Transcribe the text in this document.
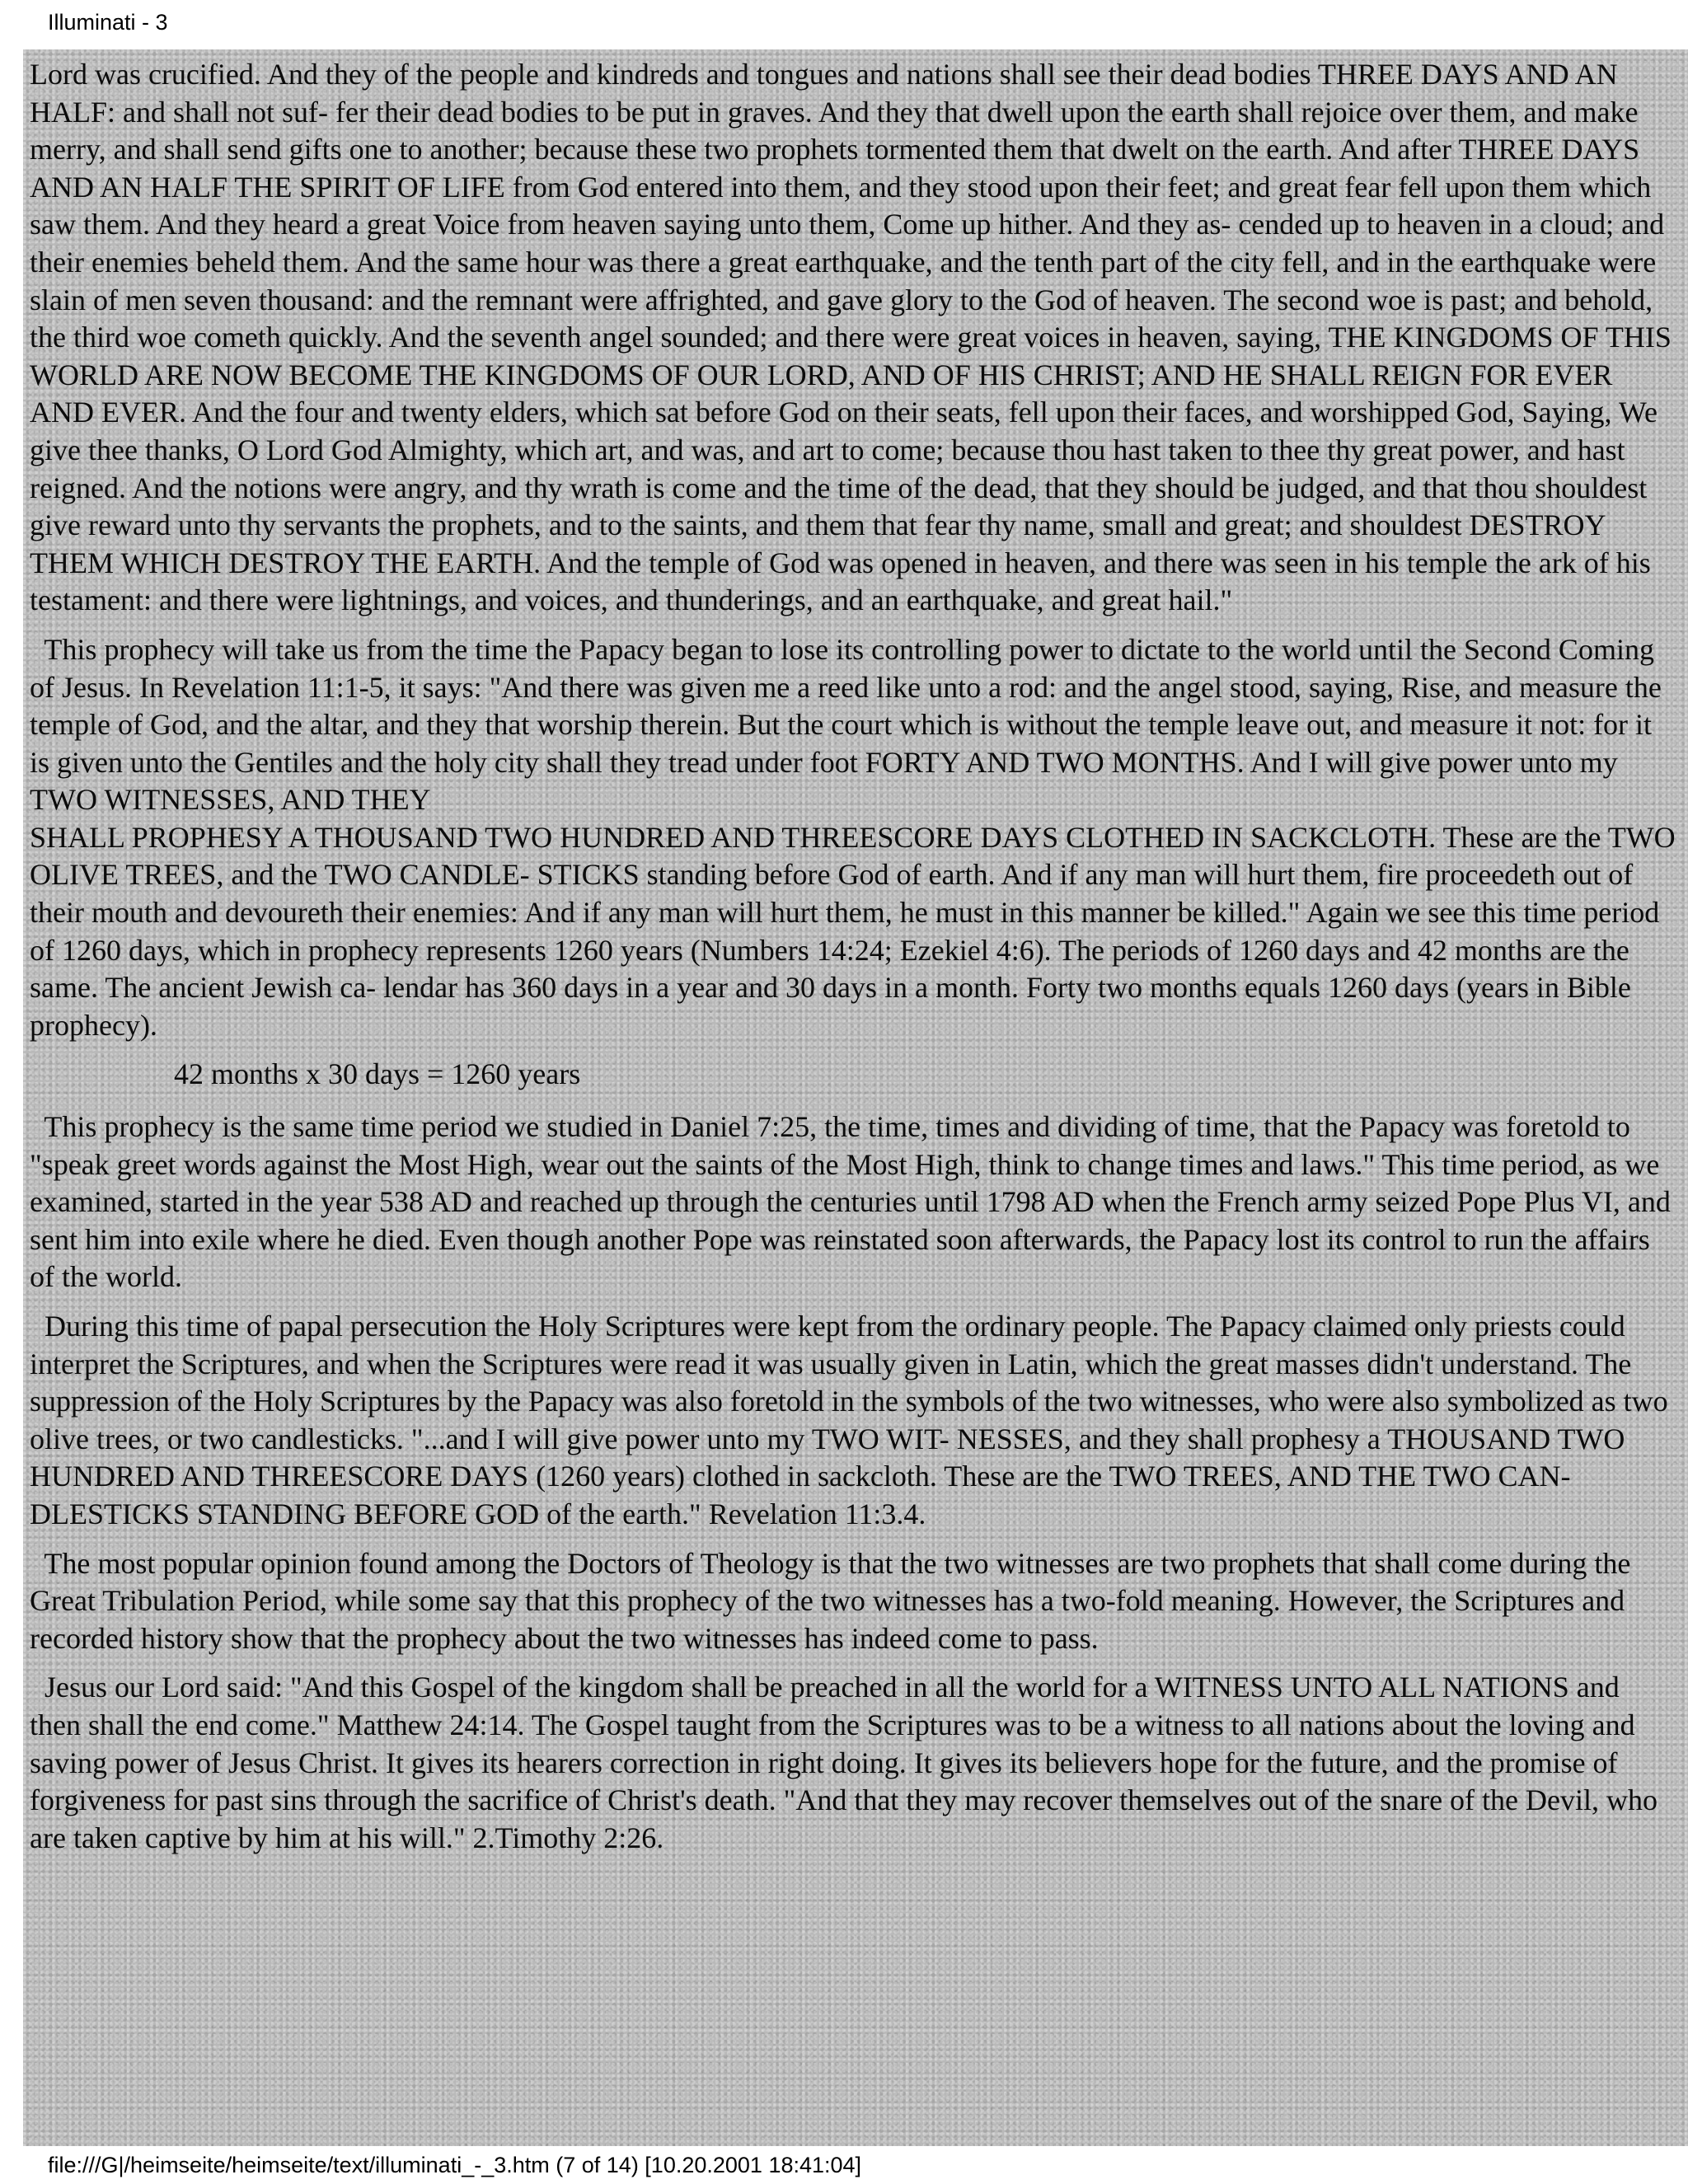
Illuminati - 3

Lord was crucified. And they of the people and kindreds and tongues and nations shall see their dead bodies THREE DAYS AND AN HALF: and shall not suf- fer their dead bodies to be put in graves. And they that dwell upon the earth shall rejoice over them, and make merry, and shall send gifts one to another; because these two prophets tormented them that dwelt on the earth. And after THREE DAYS AND AN HALF THE SPIRIT OF LIFE from God entered into them, and they stood upon their feet; and great fear fell upon them which saw them. And they heard a great Voice from heaven saying unto them, Come up hither. And they as- cended up to heaven in a cloud; and their enemies beheld them. And the same hour was there a great earthquake, and the tenth part of the city fell, and in the earthquake were slain of men seven thousand: and the remnant were affrighted, and gave glory to the God of heaven. The second woe is past; and behold, the third woe cometh quickly. And the seventh angel sounded; and there were great voices in heaven, saying, THE KINGDOMS OF THIS WORLD ARE NOW BECOME THE KINGDOMS OF OUR LORD, AND OF HIS CHRIST; AND HE SHALL REIGN FOR EVER AND EVER. And the four and twenty elders, which sat before God on their seats, fell upon their faces, and worshipped God, Saying, We give thee thanks, O Lord God Almighty, which art, and was, and art to come; because thou hast taken to thee thy great power, and hast reigned. And the notions were angry, and thy wrath is come and the time of the dead, that they should be judged, and that thou shouldest give reward unto thy servants the prophets, and to the saints, and them that fear thy name, small and great; and shouldest DESTROY THEM WHICH DESTROY THE EARTH. And the temple of God was opened in heaven, and there was seen in his temple the ark of his testament: and there were lightnings, and voices, and thunderings, and an earthquake, and great hail."

This prophecy will take us from the time the Papacy began to lose its controlling power to dictate to the world until the Second Coming of Jesus. In Revelation 11:1-5, it says: "And there was given me a reed like unto a rod: and the angel stood, saying, Rise, and measure the temple of God, and the altar, and they that worship therein. But the court which is without the temple leave out, and measure it not: for it is given unto the Gentiles and the holy city shall they tread under foot FORTY AND TWO MONTHS. And I will give power unto my TWO WITNESSES, AND THEY
SHALL PROPHESY A THOUSAND TWO HUNDRED AND THREESCORE DAYS CLOTHED IN SACKCLOTH. These are the TWO OLIVE TREES, and the TWO CANDLE- STICKS standing before God of earth. And if any man will hurt them, fire proceedeth out of their mouth and devoureth their enemies: And if any man will hurt them, he must in this manner be killed." Again we see this time period of 1260 days, which in prophecy represents 1260 years (Numbers 14:24; Ezekiel 4:6). The periods of 1260 days and 42 months are the same. The ancient Jewish ca- lendar has 360 days in a year and 30 days in a month. Forty two months equals 1260 days (years in Bible prophecy).

42 months x 30 days = 1260 years

This prophecy is the same time period we studied in Daniel 7:25, the time, times and dividing of time, that the Papacy was foretold to "speak greet words against the Most High, wear out the saints of the Most High, think to change times and laws." This time period, as we examined, started in the year 538 AD and reached up through the centuries until 1798 AD when the French army seized Pope Plus VI, and sent him into exile where he died. Even though another Pope was reinstated soon afterwards, the Papacy lost its control to run the affairs of the world.

During this time of papal persecution the Holy Scriptures were kept from the ordinary people. The Papacy claimed only priests could interpret the Scriptures, and when the Scriptures were read it was usually given in Latin, which the great masses didn't understand. The suppression of the Holy Scriptures by the Papacy was also foretold in the symbols of the two witnesses, who were also symbolized as two olive trees, or two candlesticks. "...and I will give power unto my TWO WIT- NESSES, and they shall prophesy a THOUSAND TWO HUNDRED AND THREESCORE DAYS (1260 years) clothed in sackcloth. These are the TWO TREES, AND THE TWO CAN- DLESTICKS STANDING BEFORE GOD of the earth." Revelation 11:3.4.

The most popular opinion found among the Doctors of Theology is that the two witnesses are two prophets that shall come during the Great Tribulation Period, while some say that this prophecy of the two witnesses has a two-fold meaning. However, the Scriptures and recorded history show that the prophecy about the two witnesses has indeed come to pass.

Jesus our Lord said: "And this Gospel of the kingdom shall be preached in all the world for a WITNESS UNTO ALL NATIONS and then shall the end come." Matthew 24:14. The Gospel taught from the Scriptures was to be a witness to all nations about the loving and saving power of Jesus Christ. It gives its hearers correction in right doing. It gives its believers hope for the future, and the promise of forgiveness for past sins through the sacrifice of Christ's death. "And that they may recover themselves out of the snare of the Devil, who are taken captive by him at his will." 2.Timothy 2:26.

file:///G|/heimseite/heimseite/text/illuminati_-_3.htm (7 of 14) [10.20.2001 18:41:04]
